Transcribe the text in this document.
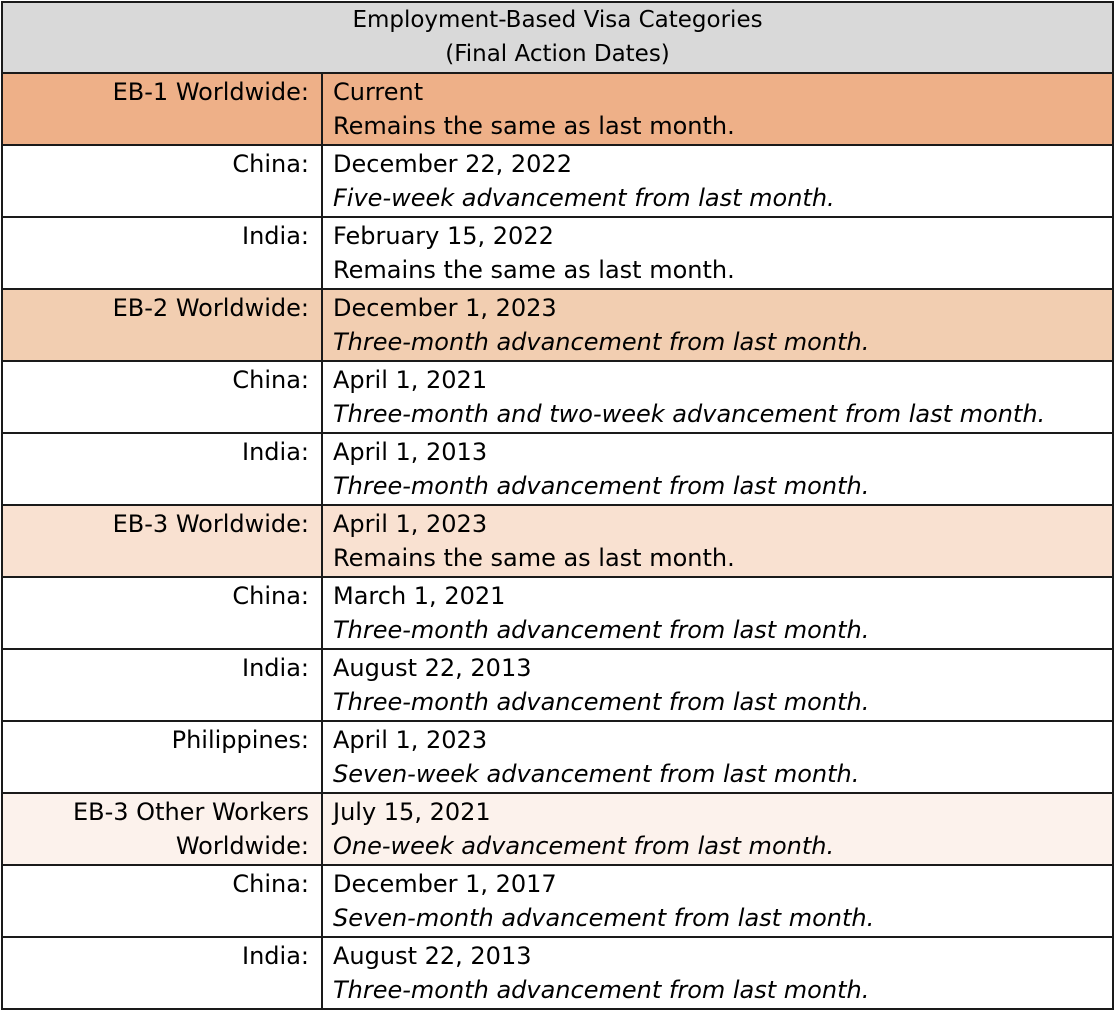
Employment-Based Visa Categories
(Final Action Dates)	

EB-1 Worldwide:	Current
Remains the same as last month.

China:	December 22, 2022
Five-week advancement from last month.

India:	February 15, 2022
Remains the same as last month.

EB-2 Worldwide:	December 1, 2023
Three-month advancement from last month.

China:	April 1, 2021
Three-month and two-week advancement from last month.

India:	April 1, 2013
Three-month advancement from last month.

EB-3 Worldwide:	April 1, 2023
Remains the same as last month.

China:	March 1, 2021
Three-month advancement from last month.

India:	August 22, 2013
Three-month advancement from last month.

Philippines:	April 1, 2023
Seven-week advancement from last month.

EB-3 Other Workers
Worldwide:	July 15, 2021
One-week advancement from last month.

China:	December 1, 2017
Seven-month advancement from last month.

India:	August 22, 2013
Three-month advancement from last month.
